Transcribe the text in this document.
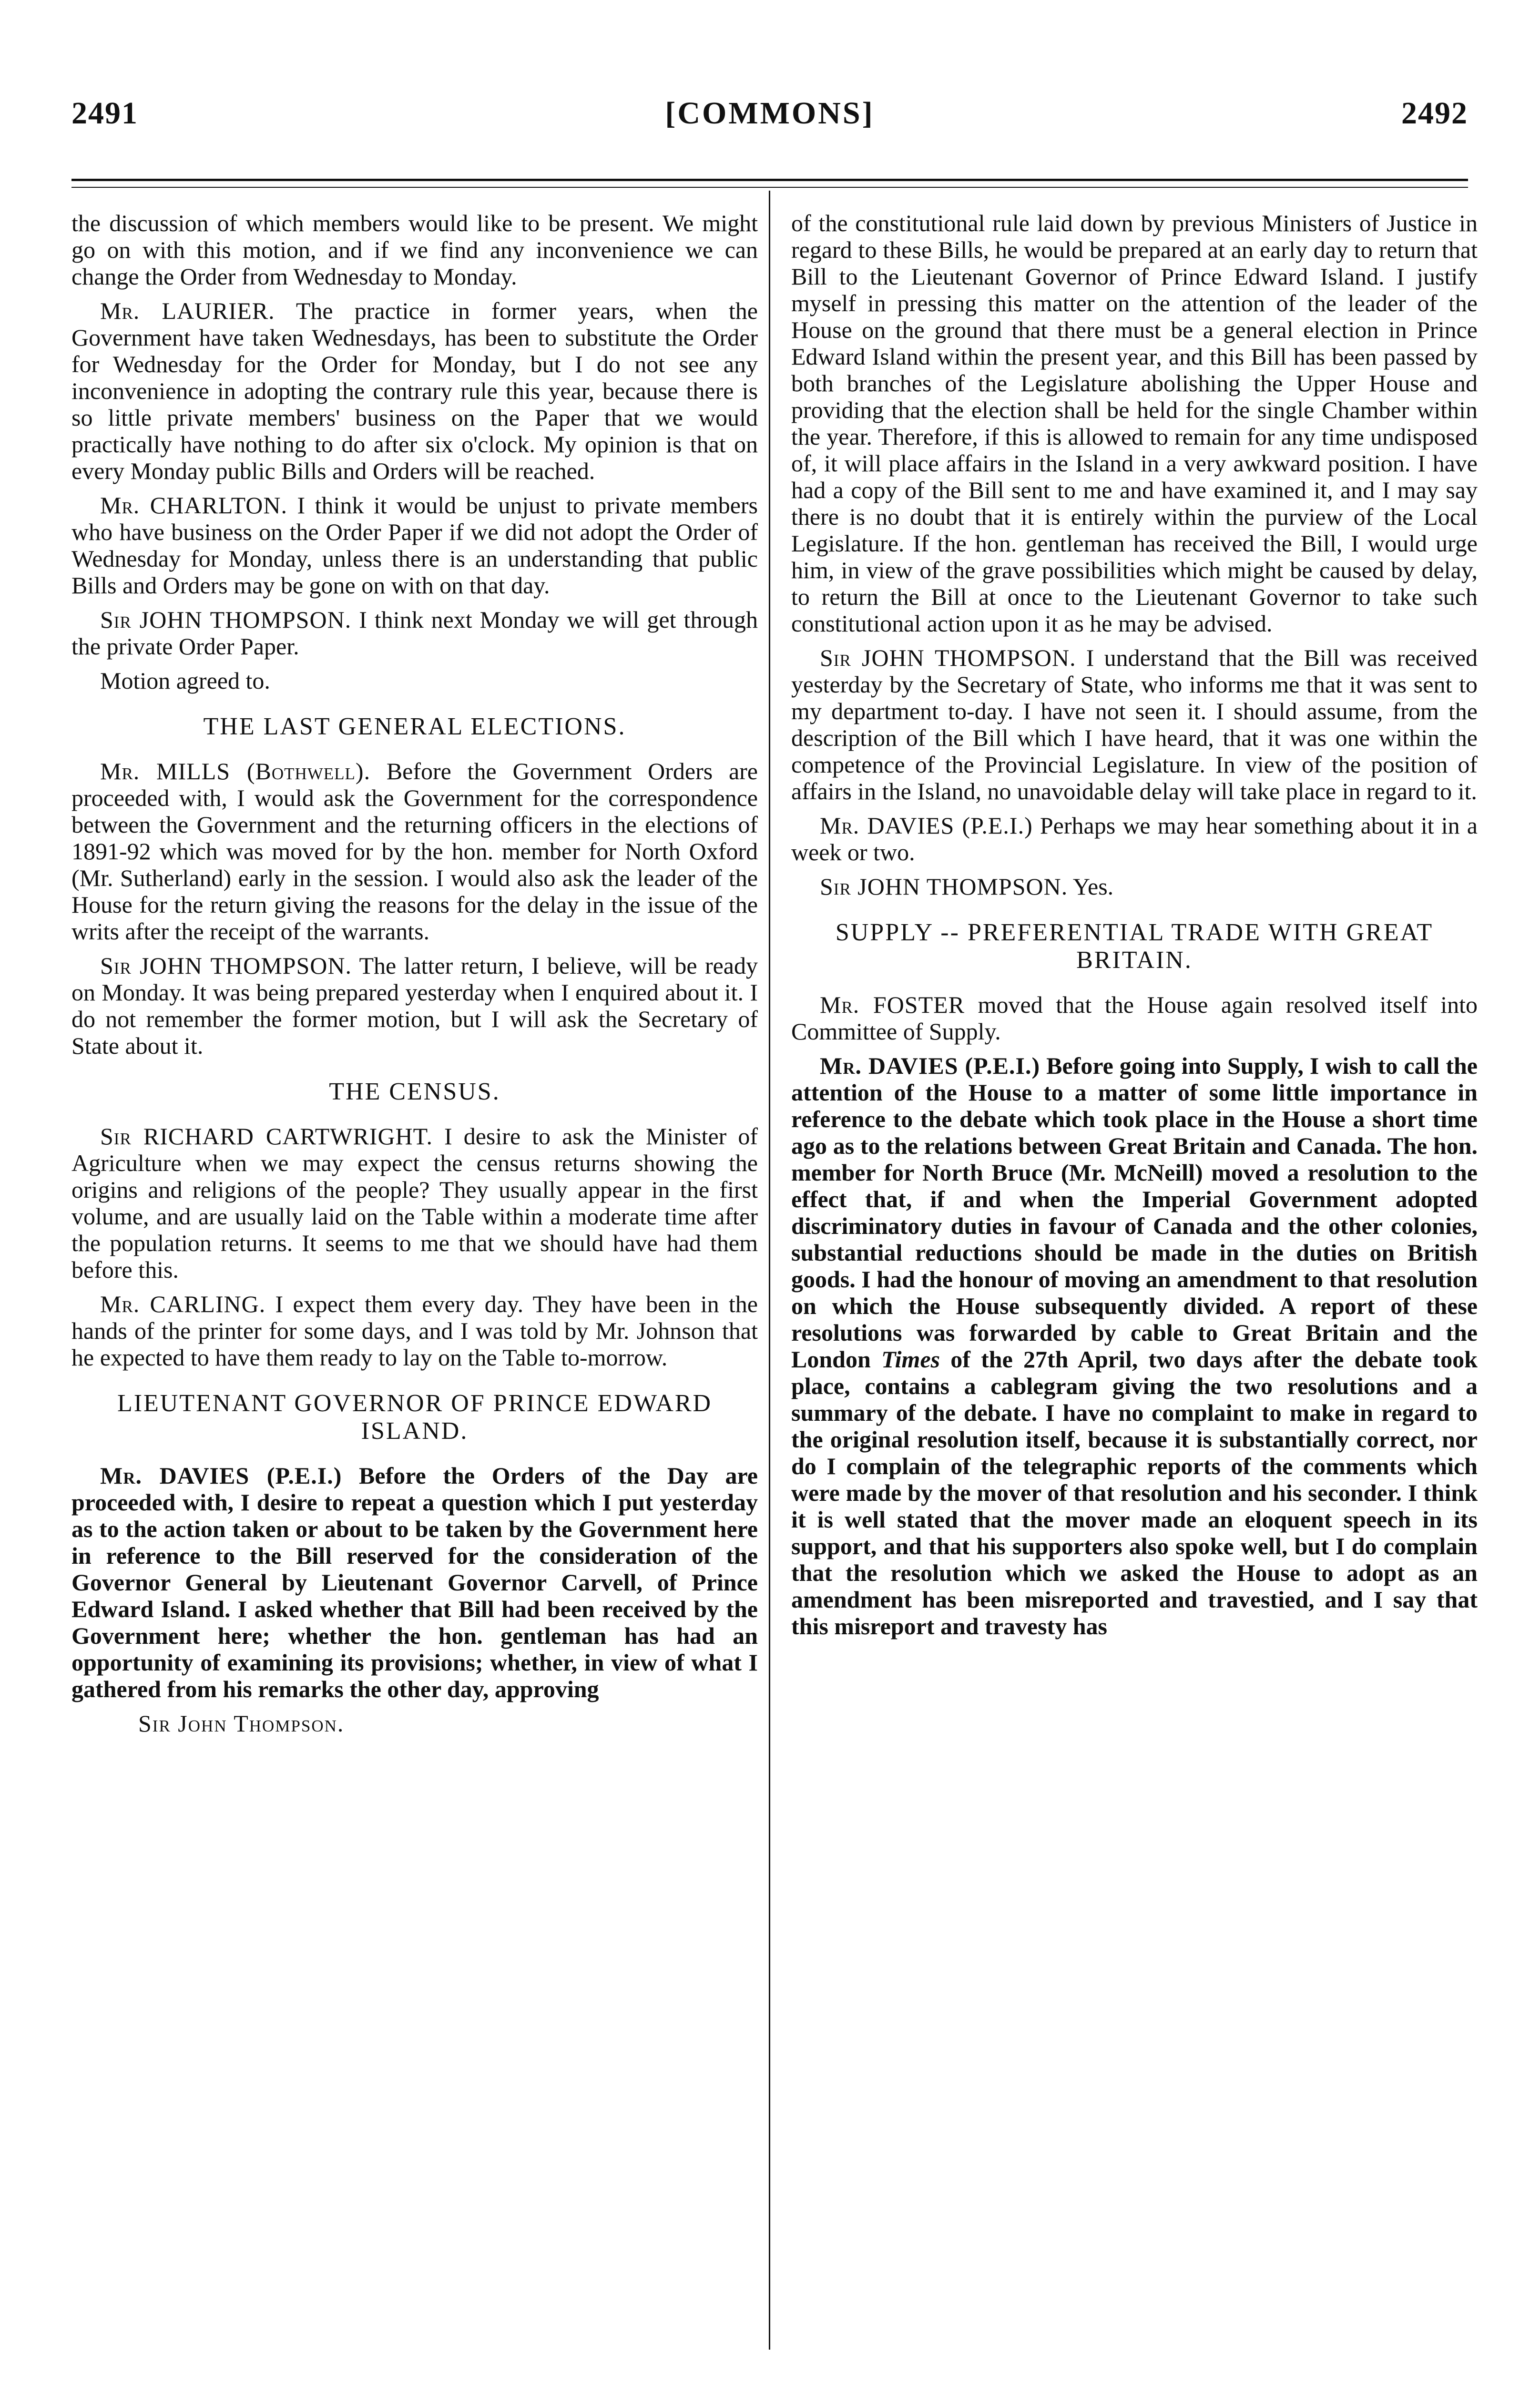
2491	[COMMONS]	2492

the discussion of which members would like to be present. We might go on with this motion, and if we find any inconvenience we can change the Order from Wednesday to Monday.

Mr. LAURIER. The practice in former years, when the Government have taken Wednesdays, has been to substitute the Order for Wednesday for the Order for Monday, but I do not see any inconvenience in adopting the contrary rule this year, because there is so little private members' business on the Paper that we would practically have nothing to do after six o'clock. My opinion is that on every Monday public Bills and Orders will be reached.

Mr. CHARLTON. I think it would be unjust to private members who have business on the Order Paper if we did not adopt the Order of Wednesday for Monday, unless there is an understanding that public Bills and Orders may be gone on with on that day.

Sir JOHN THOMPSON. I think next Monday we will get through the private Order Paper.

Motion agreed to.

THE LAST GENERAL ELECTIONS.

Mr. MILLS (Bothwell). Before the Government Orders are proceeded with, I would ask the Government for the correspondence between the Government and the returning officers in the elections of 1891-92 which was moved for by the hon. member for North Oxford (Mr. Sutherland) early in the session. I would also ask the leader of the House for the return giving the reasons for the delay in the issue of the writs after the receipt of the warrants.

Sir JOHN THOMPSON. The latter return, I believe, will be ready on Monday. It was being prepared yesterday when I enquired about it. I do not remember the former motion, but I will ask the Secretary of State about it.

THE CENSUS.

Sir RICHARD CARTWRIGHT. I desire to ask the Minister of Agriculture when we may expect the census returns showing the origins and religions of the people? They usually appear in the first volume, and are usually laid on the Table within a moderate time after the population returns. It seems to me that we should have had them before this.

Mr. CARLING. I expect them every day. They have been in the hands of the printer for some days, and I was told by Mr. Johnson that he expected to have them ready to lay on the Table to-morrow.

LIEUTENANT GOVERNOR OF PRINCE EDWARD ISLAND.

Mr. DAVIES (P.E.I.) Before the Orders of the Day are proceeded with, I desire to repeat a question which I put yesterday as to the action taken or about to be taken by the Government here in reference to the Bill reserved for the consideration of the Governor General by Lieutenant Governor Carvell, of Prince Edward Island. I asked whether that Bill had been received by the Government here; whether the hon. gentleman has had an opportunity of examining its provisions; whether, in view of what I gathered from his remarks the other day, approving

Sir John Thompson.

of the constitutional rule laid down by previous Ministers of Justice in regard to these Bills, he would be prepared at an early day to return that Bill to the Lieutenant Governor of Prince Edward Island. I justify myself in pressing this matter on the attention of the leader of the House on the ground that there must be a general election in Prince Edward Island within the present year, and this Bill has been passed by both branches of the Legislature abolishing the Upper House and providing that the election shall be held for the single Chamber within the year. Therefore, if this is allowed to remain for any time undisposed of, it will place affairs in the Island in a very awkward position. I have had a copy of the Bill sent to me and have examined it, and I may say there is no doubt that it is entirely within the purview of the Local Legislature. If the hon. gentleman has received the Bill, I would urge him, in view of the grave possibilities which might be caused by delay, to return the Bill at once to the Lieutenant Governor to take such constitutional action upon it as he may be advised.

Sir JOHN THOMPSON. I understand that the Bill was received yesterday by the Secretary of State, who informs me that it was sent to my department to-day. I have not seen it. I should assume, from the description of the Bill which I have heard, that it was one within the competence of the Provincial Legislature. In view of the position of affairs in the Island, no unavoidable delay will take place in regard to it.

Mr. DAVIES (P.E.I.) Perhaps we may hear something about it in a week or two.

Sir JOHN THOMPSON. Yes.

SUPPLY -- PREFERENTIAL TRADE WITH GREAT BRITAIN.

Mr. FOSTER moved that the House again resolved itself into Committee of Supply.

Mr. DAVIES (P.E.I.) Before going into Supply, I wish to call the attention of the House to a matter of some little importance in reference to the debate which took place in the House a short time ago as to the relations between Great Britain and Canada. The hon. member for North Bruce (Mr. McNeill) moved a resolution to the effect that, if and when the Imperial Government adopted discriminatory duties in favour of Canada and the other colonies, substantial reductions should be made in the duties on British goods. I had the honour of moving an amendment to that resolution on which the House subsequently divided. A report of these resolutions was forwarded by cable to Great Britain and the London Times of the 27th April, two days after the debate took place, contains a cablegram giving the two resolutions and a summary of the debate. I have no complaint to make in regard to the original resolution itself, because it is substantially correct, nor do I complain of the telegraphic reports of the comments which were made by the mover of that resolution and his seconder. I think it is well stated that the mover made an eloquent speech in its support, and that his supporters also spoke well, but I do complain that the resolution which we asked the House to adopt as an amendment has been misreported and travestied, and I say that this misreport and travesty has
